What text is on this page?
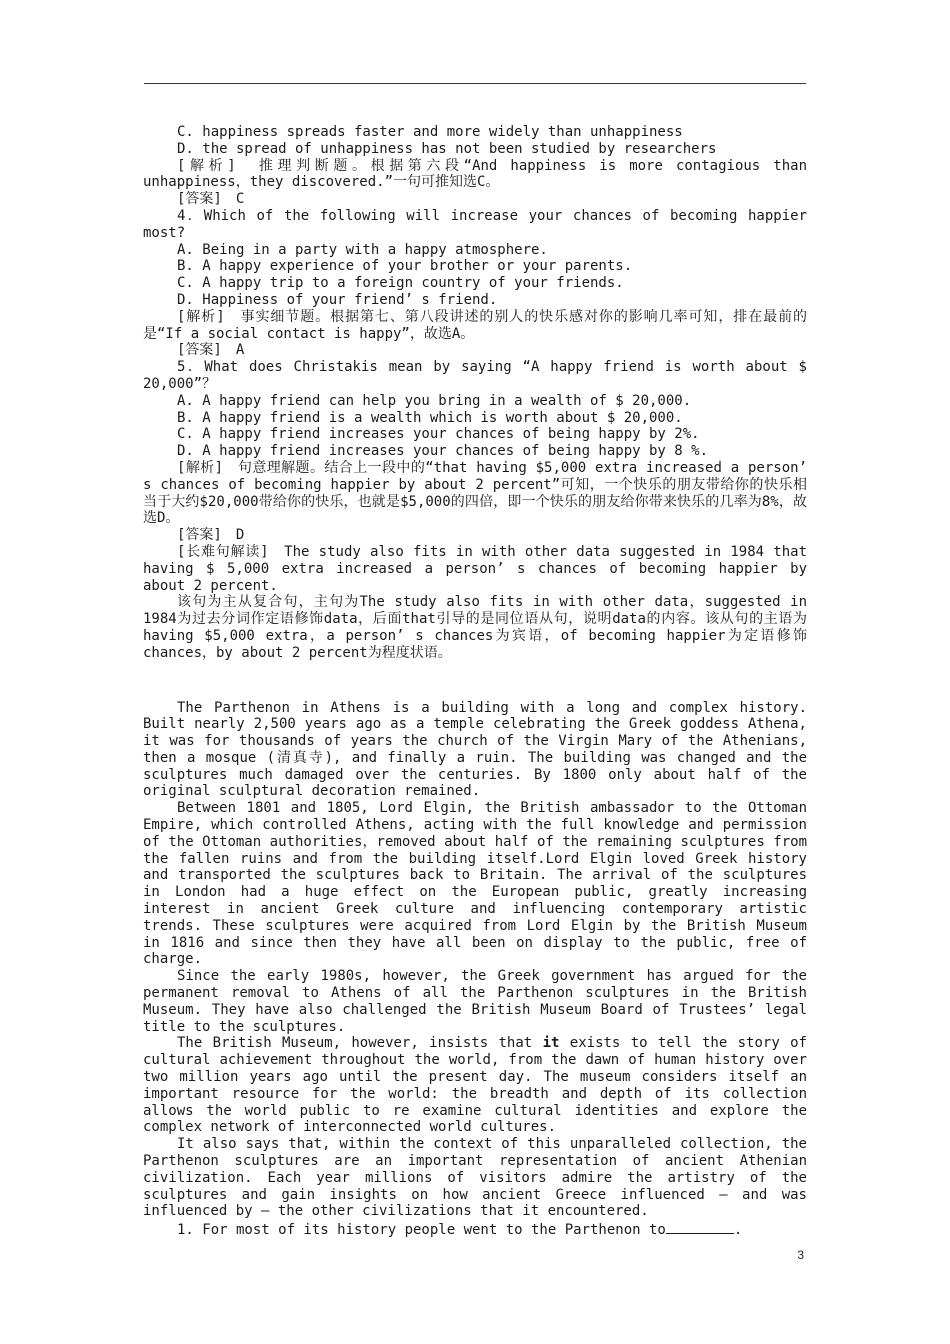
C. happiness spreads faster and more widely than unhappiness

D. the spread of unhappiness has not been studied by researchers

[解析]　推理判断题。根据第六段“And happiness is more contagious than unhappiness，they discovered.”一句可推知选C。

[答案]　C

4．Which of the following will increase your chances of becoming happier most?

A. Being in a party with a happy atmosphere.

B. A happy experience of your brother or your parents.

C. A happy trip to a foreign country of your friends.

D. Happiness of your friend’ s friend.

[解析]　事实细节题。根据第七、第八段讲述的别人的快乐感对你的影响几率可知，排在最前的是“If a social contact is happy”，故选A。

[答案]　A

5．What does Christakis mean by saying “A happy friend is worth about $ 20,000”？

A. A happy friend can help you bring in a wealth of $ 20,000.

B. A happy friend is a wealth which is worth about $ 20,000.

C. A happy friend increases your chances of being happy by 2%.

D. A happy friend increases your chances of being happy by 8 %.

[解析]　句意理解题。结合上一段中的“that having $5,000 extra increased a person’ s chances of becoming happier by about 2 percent”可知，一个快乐的朋友带给你的快乐相当于大约$20,000带给你的快乐，也就是$5,000的四倍，即一个快乐的朋友给你带来快乐的几率为8%，故选D。

[答案]　D

[长难句解读]　The study also fits in with other data suggested in 1984 that having $ 5,000 extra increased a person’ s chances of becoming happier by about 2 percent.

该句为主从复合句，主句为The study also fits in with other data，suggested in 1984为过去分词作定语修饰data，后面that引导的是同位语从句，说明data的内容。该从句的主语为having $5,000 extra，a person’ s chances为宾语，of becoming happier为定语修饰chances，by about 2 percent为程度状语。

The Parthenon in Athens is a building with a long and complex history. Built nearly 2,500 years ago as a temple celebrating the Greek goddess Athena, it was for thousands of years the church of the Virgin Mary of the Athenians, then a mosque (清真寺), and finally a ruin. The building was changed and the sculptures much damaged over the centuries. By 1800 only about half of the original sculptural decoration remained.

Between 1801 and 1805, Lord Elgin, the British ambassador to the Ottoman Empire, which controlled Athens, acting with the full knowledge and permission of the Ottoman authorities，removed about half of the remaining sculptures from the fallen ruins and from the building itself.Lord Elgin loved Greek history and transported the sculptures back to Britain. The arrival of the sculptures in London had a huge effect on the European public, greatly increasing interest in ancient Greek culture and influencing contemporary artistic trends. These sculptures were acquired from Lord Elgin by the British Museum in 1816 and since then they have all been on display to the public, free of charge.

Since the early 1980s, however, the Greek government has argued for the permanent removal to Athens of all the Parthenon sculptures in the British Museum. They have also challenged the British Museum Board of Trustees’ legal title to the sculptures.

The British Museum, however, insists that it exists to tell the story of cultural achievement throughout the world, from the dawn of human history over two million years ago until the present day. The museum considers itself an important resource for the world: the breadth and depth of its collection allows the world public to re examine cultural identities and explore the complex network of interconnected world cultures.

It also says that, within the context of this unparalleled collection, the Parthenon sculptures are an important representation of ancient Athenian civilization. Each year millions of visitors admire the artistry of the sculptures and gain insights on how ancient Greece influenced — and was influenced by — the other civilizations that it encountered.

1. For most of its history people went to the Parthenon to	.

3
